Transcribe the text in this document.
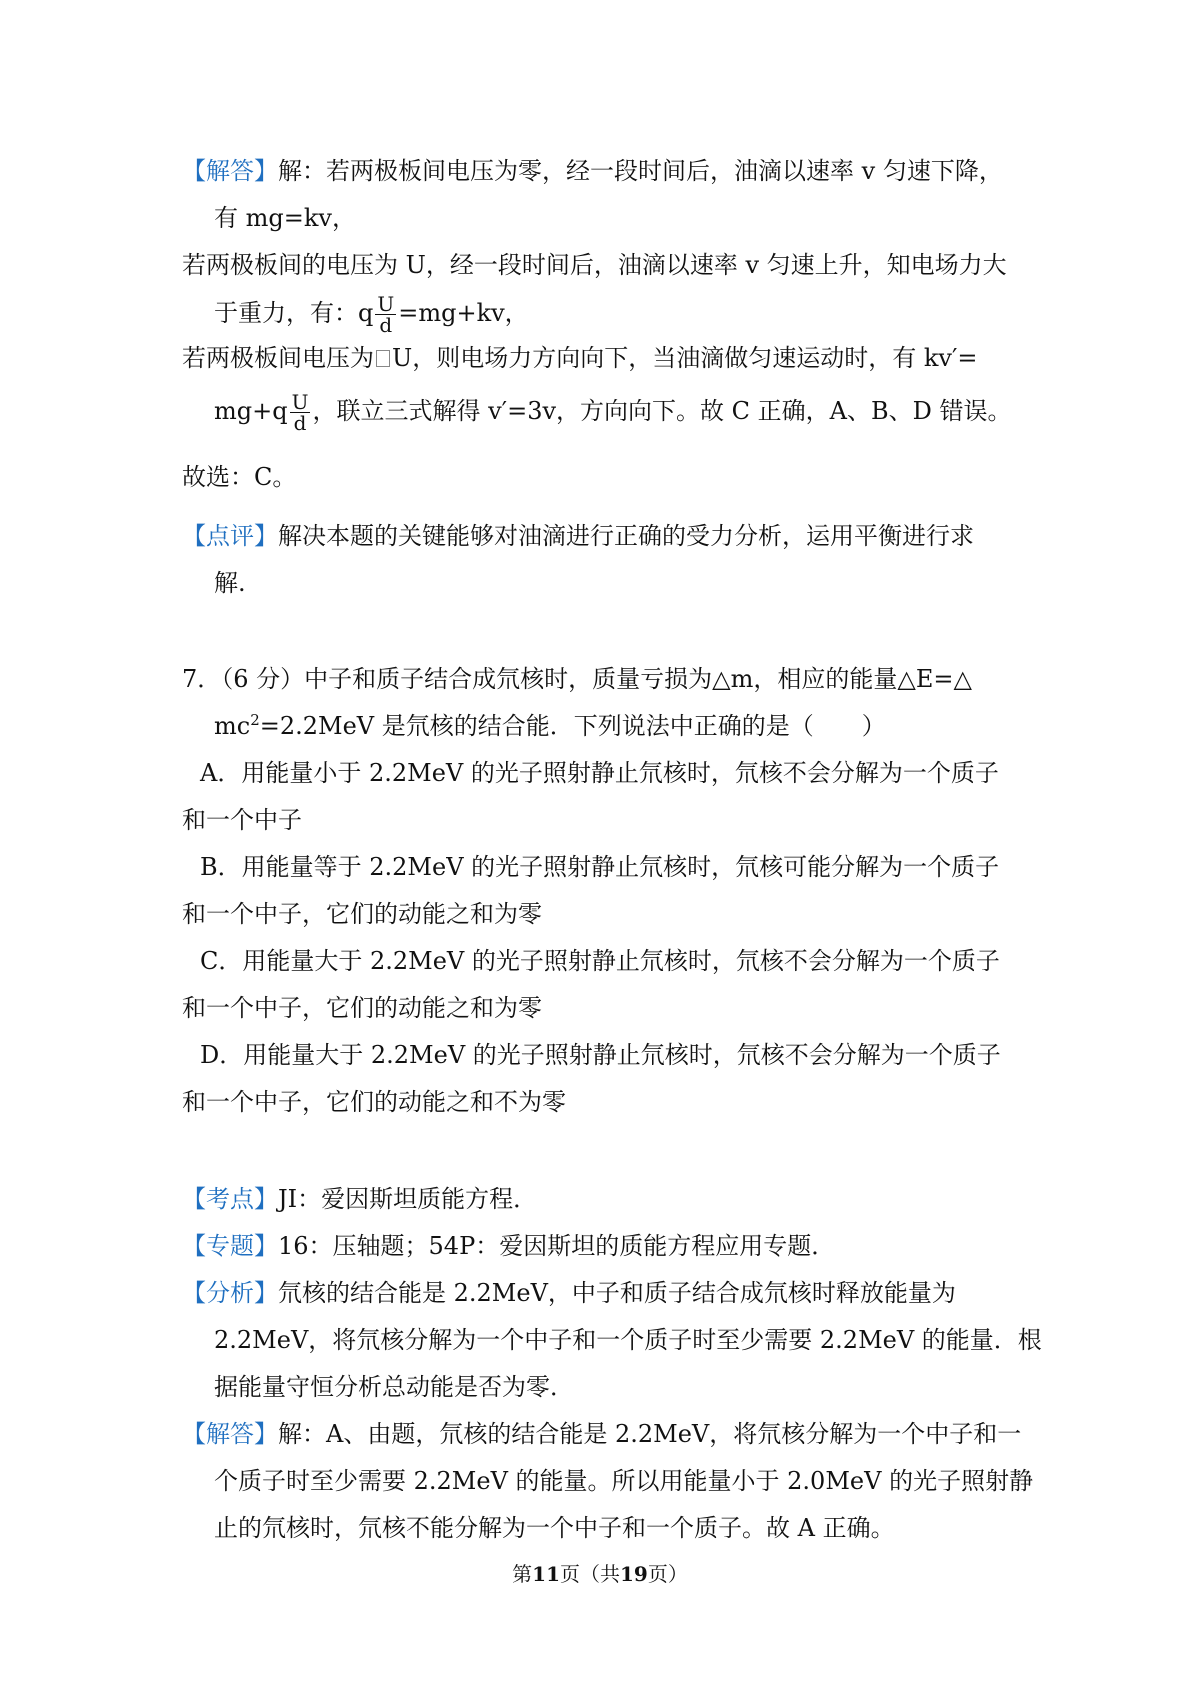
【解答】解：若两极板间电压为零，经一段时间后，油滴以速率 v 匀速下降，
有 mg=kv，
若两极板间的电压为 U，经一段时间后，油滴以速率 v 匀速上升，知电场力大
于重力，有：q $\frac{U}{d} =mg+kv$，
若两极板间电压为 U，则电场力方向向下，当油滴做匀速运动时，有 kv′=
$mg+q \frac{U}{d}$ ，联立三式解得 v′=3v，方向向下。故 C 正确，A、B、D 错误。
故选：C。
【点评】解决本题的关键能够对油滴进行正确的受力分析，运用平衡进行求
解.
7．（6 分）中子和质子结合成氘核时，质量亏损为△m，相应的能量△E=△
$mc^2=2.2MeV$ 是氘核的结合能．下列说法中正确的是（　　）
A．用能量小于 2.2MeV 的光子照射静止氘核时，氘核不会分解为一个质子
和一个中子
B．用能量等于 2.2MeV 的光子照射静止氘核时，氘核可能分解为一个质子
和一个中子，它们的动能之和为零
C．用能量大于 2.2MeV 的光子照射静止氘核时，氘核不会分解为一个质子
和一个中子，它们的动能之和为零
D．用能量大于 2.2MeV 的光子照射静止氘核时，氘核不会分解为一个质子
和一个中子，它们的动能之和不为零
【考点】JI：爱因斯坦质能方程．
【专题】16：压轴题；54P：爱因斯坦的质能方程应用专题．
【分析】氘核的结合能是 2.2MeV，中子和质子结合成氘核时释放能量为
2.2MeV，将氘核分解为一个中子和一个质子时至少需要 2.2MeV 的能量．根
据能量守恒分析总动能是否为零．
【解答】解：A、由题，氘核的结合能是 2.2MeV，将氘核分解为一个中子和一
个质子时至少需要 2.2MeV 的能量。所以用能量小于 2.0MeV 的光子照射静
止的氘核时，氘核不能分解为一个中子和一个质子。故 A 正确。
第11页（共19页）
